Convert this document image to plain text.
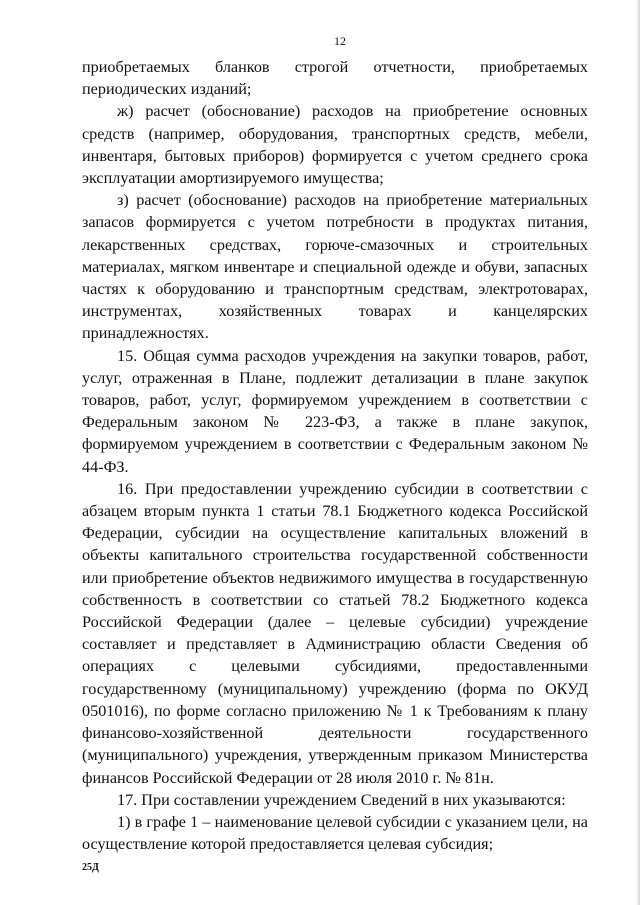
12

приобретаемых бланков строгой отчетности, приобретаемых периодических изданий;

ж) расчет (обоснование) расходов на приобретение основных средств (например, оборудования, транспортных средств, мебели, инвентаря, бытовых приборов) формируется с учетом среднего срока эксплуатации амортизируемого имущества;

з) расчет (обоснование) расходов на приобретение материальных запасов формируется с учетом потребности в продуктах питания, лекарственных средствах, горюче-смазочных и строительных материалах, мягком инвентаре и специальной одежде и обуви, запасных частях к оборудованию и транспортным средствам, электротоварах, инструментах, хозяйственных товарах и канцелярских принадлежностях.

15. Общая сумма расходов учреждения на закупки товаров, работ, услуг, отраженная в Плане, подлежит детализации в плане закупок товаров, работ, услуг, формируемом учреждением в соответствии с Федеральным законом № 223-ФЗ, а также в плане закупок, формируемом учреждением в соответствии с Федеральным законом № 44-ФЗ.

16. При предоставлении учреждению субсидии в соответствии с абзацем вторым пункта 1 статьи 78.1 Бюджетного кодекса Российской Федерации, субсидии на осуществление капитальных вложений в объекты капитального строительства государственной собственности или приобретение объектов недвижимого имущества в государственную собственность в соответствии со статьей 78.2 Бюджетного кодекса Российской Федерации (далее – целевые субсидии) учреждение составляет и представляет в Администрацию области Сведения об операциях с целевыми субсидиями, предоставленными государственному (муниципальному) учреждению (форма по ОКУД 0501016), по форме согласно приложению № 1 к Требованиям к плану финансово-хозяйственной деятельности государственного (муниципального) учреждения, утвержденным приказом Министерства финансов Российской Федерации от 28 июля 2010 г. № 81н.

17. При составлении учреждением Сведений в них указываются:

1) в графе 1 – наименование целевой субсидии с указанием цели, на осуществление которой предоставляется целевая субсидия;

25Д
